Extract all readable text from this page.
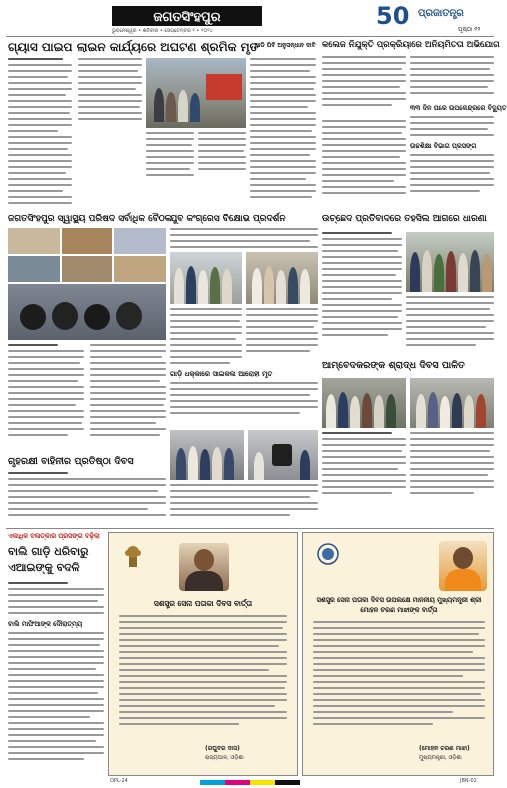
ଜଗତସିଂହପୁର
ଭୁବନେଶ୍ୱର • ଶନିବାର • ସେପ୍ଟେମ୍ବର ୨ • ୨୦୨୪
50 ପ୍ରଜାତନ୍ତ୍ର
ପୃଷ୍ଠା ୧୨
ଗ୍ୟାସ ପାଇପ ଲାଇନ କାର୍ଯ୍ୟରେ ଅଘଟଣ ଶ୍ରମିକ ମୃତ
ଆଡି ପିବି ଅନୁସନ୍ଧାନ ଦାବି କଲେଜ ନିଯୁକ୍ତି ପ୍ରକ୍ରିୟାରେ ଅନିୟମିତତା ଅଭିଯୋଗ
୩୩ ଦିନ ପରେ ଉପକେନ୍ଦ୍ରରେ ବିଦ୍ୟୁତ
ଉଚ୍ଚଶିକ୍ଷା ବିଭାଗ ପ୍ରସଙ୍ଗ
ଉଚ୍ଛେଦ ପ୍ରତିବାଦରେ ତହସିଲ ଆଗରେ ଧାରଣା
ଜଗତସିଂହପୁର ସ୍ୱାସ୍ଥ୍ୟ ପରିଷଦ ସର୍ବାଧିକ ବୈଠକ
ଯୁବ କଂଗ୍ରେସ ବିକ୍ଷୋଭ ପ୍ରଦର୍ଶନ
ଗାଡ଼ି ଧକ୍କାରେ ସାଇକଲ ଆରୋହୀ ମୃତ
ଆମ୍ବେଦକରଙ୍କ ଶ୍ରାଦ୍ଧ ଦିବସ ପାଳିତ
ଗୃହରକ୍ଷୀ ବାହିନୀର ପ୍ରତିଷ୍ଠା ଦିବସ
ଏକାଧିକ ବଳାତ୍କାର ପ୍ରସଙ୍ଗ ବଢ଼ିଲା
ବାଲି ଗାଡ଼ି ଧରିବାରୁ ଏଆଇଙ୍କୁ ବଦଳି
ବାଲି ମାଫିଆଙ୍କ ଦୌରାତ୍ମ୍ୟ
ସଶସ୍ତ୍ର ସେନା ପତାକା ଦିବସ ବାର୍ତ୍ତା
(ରଘୁବର ଦାସ)
ରାଜ୍ୟପାଳ, ଓଡ଼ିଶା
ସଶସ୍ତ୍ର ସେନା ପତାକା ଦିବସ ଉପଲକ୍ଷେ ମାନନୀୟ ମୁଖ୍ୟମନ୍ତ୍ରୀ ଶ୍ରୀ ମୋହନ ଚରଣ ମାଝୀଙ୍କ ବାର୍ତ୍ତା
(ମୋହନ ଚରଣ ମାଝୀ)
ମୁଖ୍ୟମନ୍ତ୍ରୀ, ଓଡ଼ିଶା
OPL-24	JBN-02
